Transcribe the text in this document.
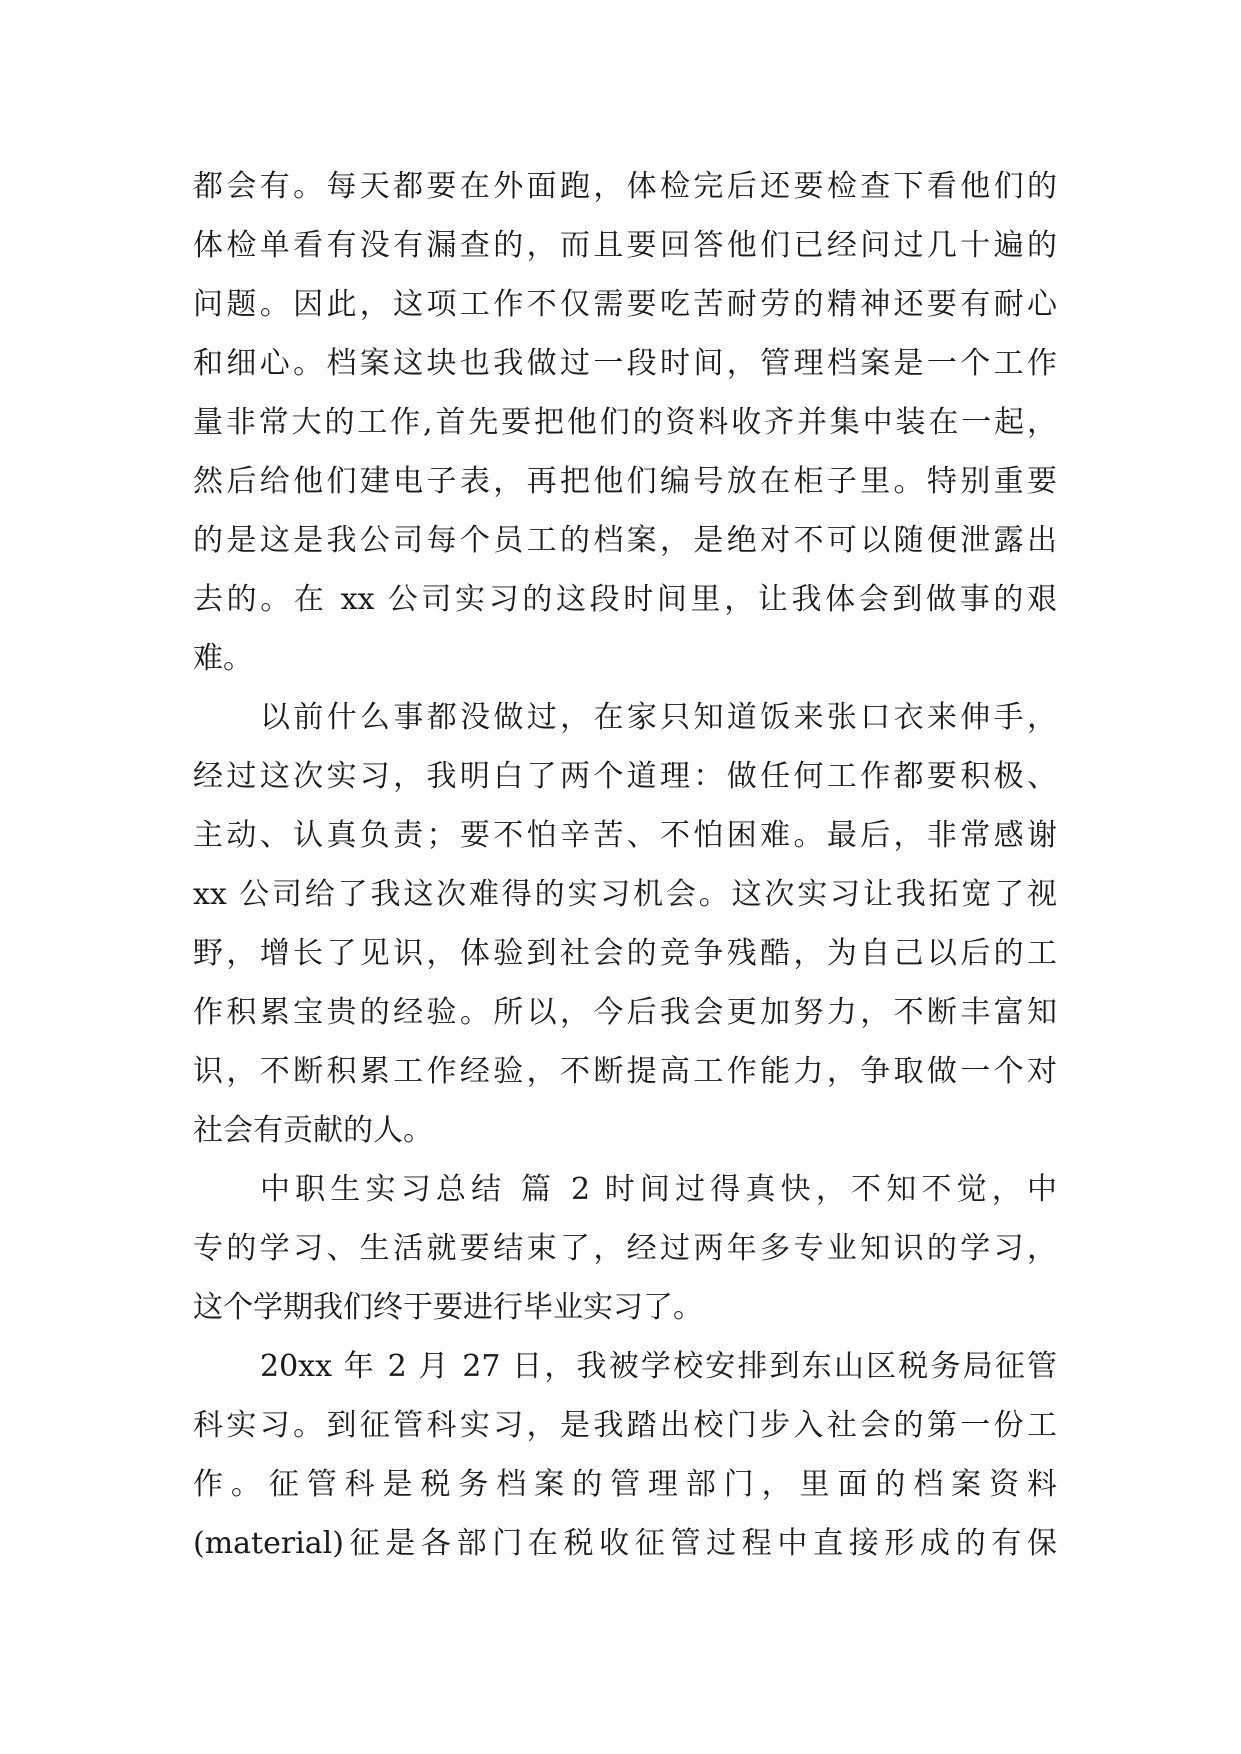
都会有。每天都要在外面跑，体检完后还要检查下看他们的
体检单看有没有漏查的，而且要回答他们已经问过几十遍的
问题。因此，这项工作不仅需要吃苦耐劳的精神还要有耐心
和细心。档案这块也我做过一段时间，管理档案是一个工作
量非常大的工作,首先要把他们的资料收齐并集中装在一起，
然后给他们建电子表，再把他们编号放在柜子里。特别重要
的是这是我公司每个员工的档案，是绝对不可以随便泄露出
去的。在 xx 公司实习的这段时间里，让我体会到做事的艰
难。
以前什么事都没做过，在家只知道饭来张口衣来伸手，
经过这次实习，我明白了两个道理：做任何工作都要积极、
主动、认真负责；要不怕辛苦、不怕困难。最后，非常感谢
xx 公司给了我这次难得的实习机会。这次实习让我拓宽了视
野，增长了见识，体验到社会的竞争残酷，为自己以后的工
作积累宝贵的经验。所以，今后我会更加努力，不断丰富知
识，不断积累工作经验，不断提高工作能力，争取做一个对
社会有贡献的人。
中职生实习总结 篇 2 时间过得真快，不知不觉，中
专的学习、生活就要结束了，经过两年多专业知识的学习，
这个学期我们终于要进行毕业实习了。
20xx 年 2 月 27 日，我被学校安排到东山区税务局征管
科实习。到征管科实习，是我踏出校门步入社会的第一份工
作。征管科是税务档案的管理部门，里面的档案资料
(material)征是各部门在税收征管过程中直接形成的有保
